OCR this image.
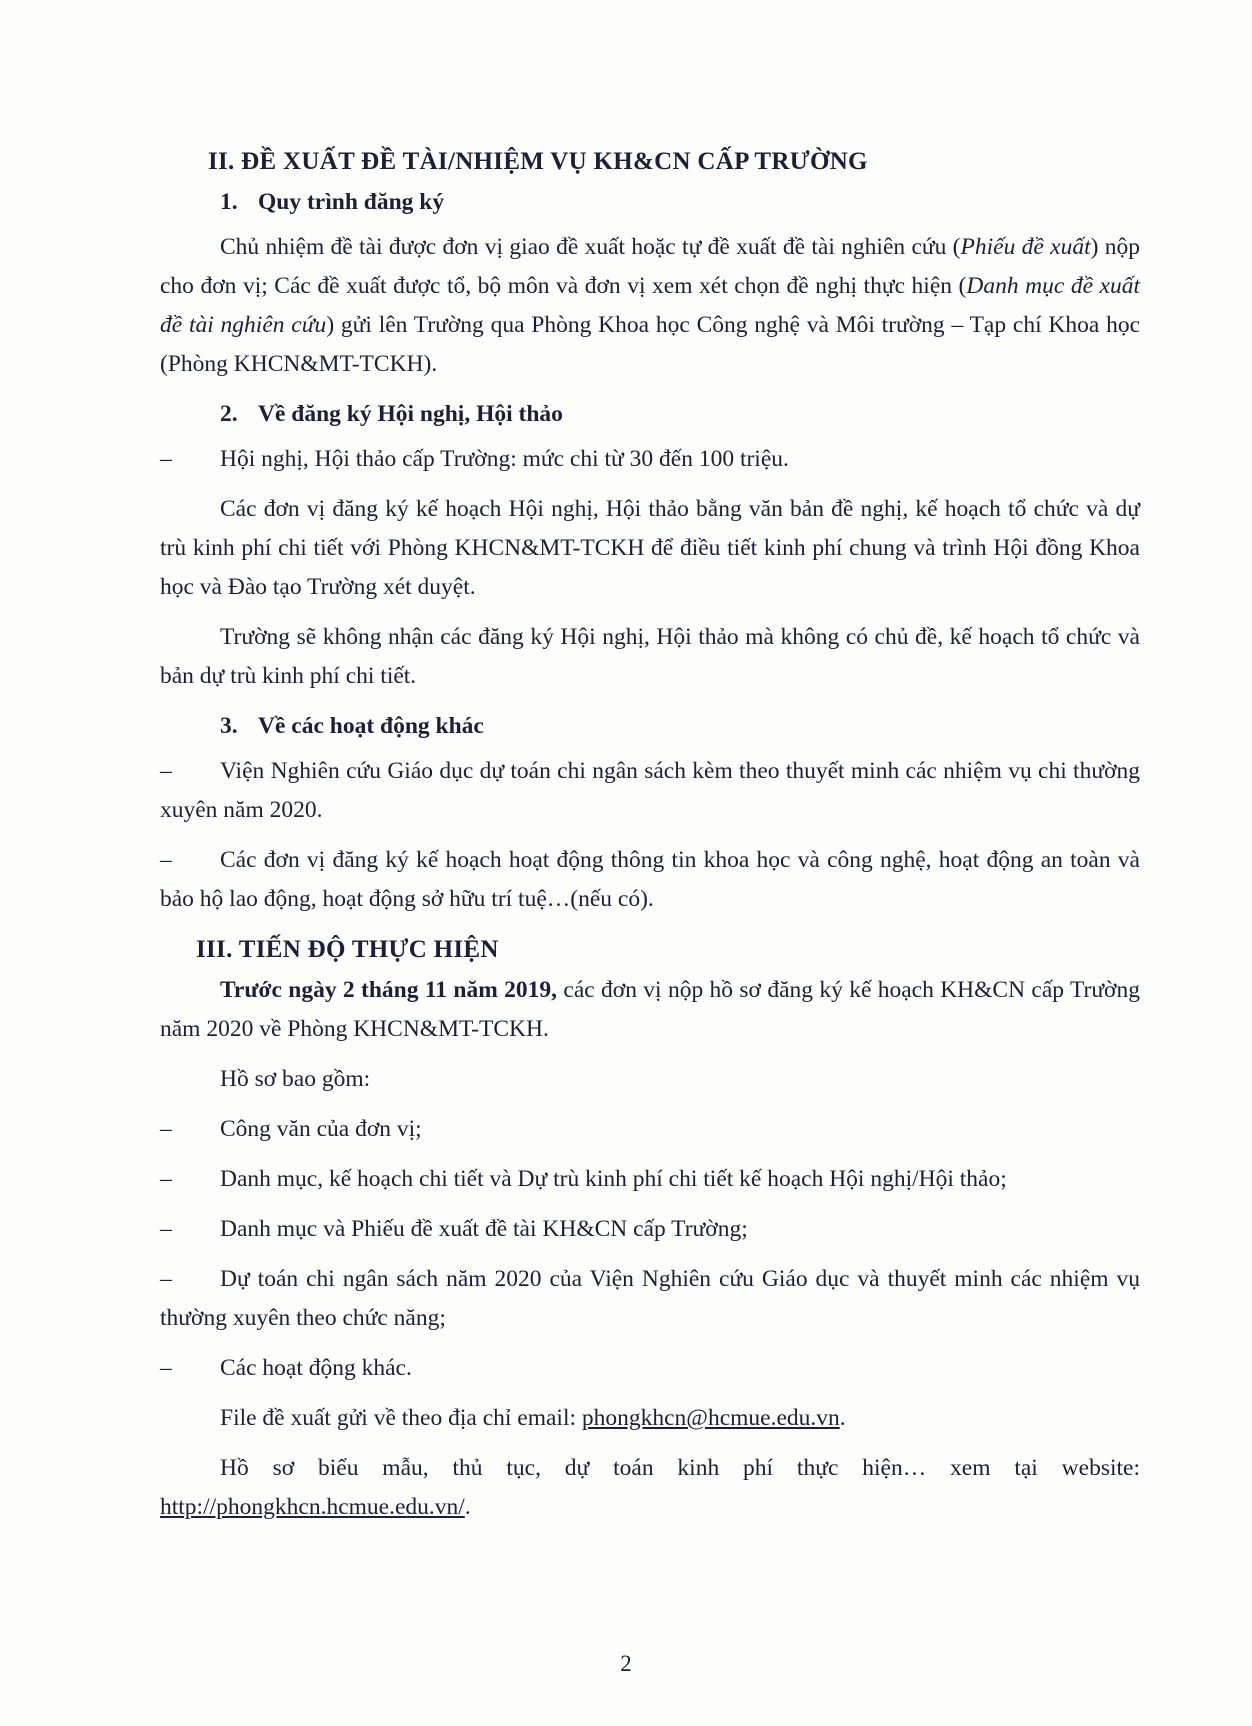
II. ĐỀ XUẤT ĐỀ TÀI/NHIỆM VỤ KH&CN CẤP TRƯỜNG
1. Quy trình đăng ký
Chủ nhiệm đề tài được đơn vị giao đề xuất hoặc tự đề xuất đề tài nghiên cứu (Phiếu đề xuất) nộp cho đơn vị; Các đề xuất được tổ, bộ môn và đơn vị xem xét chọn đề nghị thực hiện (Danh mục đề xuất đề tài nghiên cứu) gửi lên Trường qua Phòng Khoa học Công nghệ và Môi trường – Tạp chí Khoa học (Phòng KHCN&MT-TCKH).
2. Về đăng ký Hội nghị, Hội thảo
– Hội nghị, Hội thảo cấp Trường: mức chi từ 30 đến 100 triệu.
Các đơn vị đăng ký kế hoạch Hội nghị, Hội thảo bằng văn bản đề nghị, kế hoạch tổ chức và dự trù kinh phí chi tiết với Phòng KHCN&MT-TCKH để điều tiết kinh phí chung và trình Hội đồng Khoa học và Đào tạo Trường xét duyệt.
Trường sẽ không nhận các đăng ký Hội nghị, Hội thảo mà không có chủ đề, kế hoạch tổ chức và bản dự trù kinh phí chi tiết.
3. Về các hoạt động khác
– Viện Nghiên cứu Giáo dục dự toán chi ngân sách kèm theo thuyết minh các nhiệm vụ chi thường xuyên năm 2020.
– Các đơn vị đăng ký kế hoạch hoạt động thông tin khoa học và công nghệ, hoạt động an toàn và bảo hộ lao động, hoạt động sở hữu trí tuệ…(nếu có).
III. TIẾN ĐỘ THỰC HIỆN
Trước ngày 2 tháng 11 năm 2019, các đơn vị nộp hồ sơ đăng ký kế hoạch KH&CN cấp Trường năm 2020 về Phòng KHCN&MT-TCKH.
Hồ sơ bao gồm:
– Công văn của đơn vị;
– Danh mục, kế hoạch chi tiết và Dự trù kinh phí chi tiết kế hoạch Hội nghị/Hội thảo;
– Danh mục và Phiếu đề xuất đề tài KH&CN cấp Trường;
– Dự toán chi ngân sách năm 2020 của Viện Nghiên cứu Giáo dục và thuyết minh các nhiệm vụ thường xuyên theo chức năng;
– Các hoạt động khác.
File đề xuất gửi về theo địa chỉ email: phongkhcn@hcmue.edu.vn.
Hồ sơ biểu mẫu, thủ tục, dự toán kinh phí thực hiện… xem tại website: http://phongkhcn.hcmue.edu.vn/.
2
